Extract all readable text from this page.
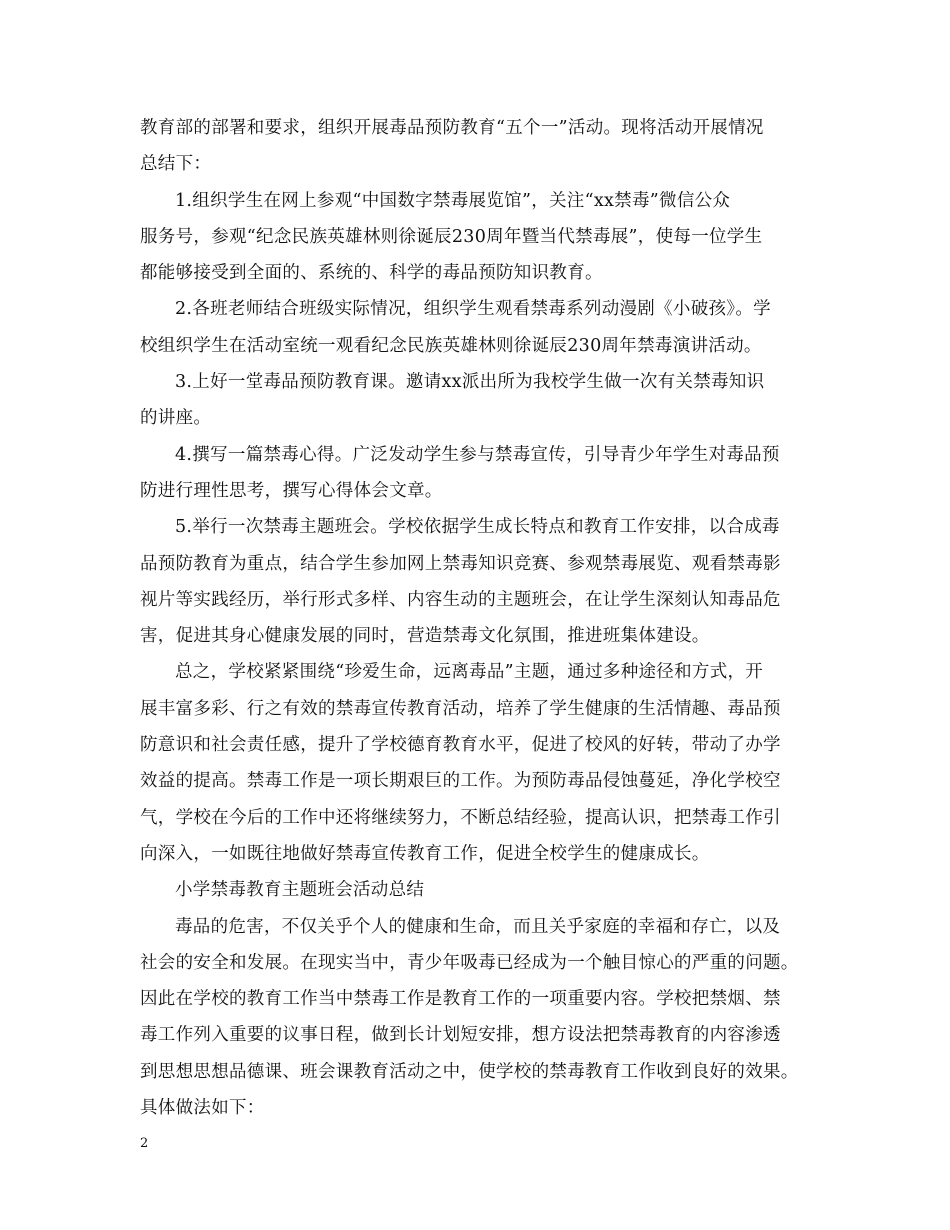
教育部的部署和要求，组织开展毒品预防教育“五个一”活动。现将活动开展情况
总结下：
1.组织学生在网上参观“中国数字禁毒展览馆”，关注“xx禁毒”微信公众
服务号，参观“纪念民族英雄林则徐诞辰230周年暨当代禁毒展”，使每一位学生
都能够接受到全面的、系统的、科学的毒品预防知识教育。
2.各班老师结合班级实际情况，组织学生观看禁毒系列动漫剧《小破孩》。学
校组织学生在活动室统一观看纪念民族英雄林则徐诞辰230周年禁毒演讲活动。
3.上好一堂毒品预防教育课。邀请xx派出所为我校学生做一次有关禁毒知识
的讲座。
4.撰写一篇禁毒心得。广泛发动学生参与禁毒宣传，引导青少年学生对毒品预
防进行理性思考，撰写心得体会文章。
5.举行一次禁毒主题班会。学校依据学生成长特点和教育工作安排，以合成毒
品预防教育为重点，结合学生参加网上禁毒知识竞赛、参观禁毒展览、观看禁毒影
视片等实践经历，举行形式多样、内容生动的主题班会，在让学生深刻认知毒品危
害，促进其身心健康发展的同时，营造禁毒文化氛围，推进班集体建设。
总之，学校紧紧围绕“珍爱生命，远离毒品”主题，通过多种途径和方式，开
展丰富多彩、行之有效的禁毒宣传教育活动，培养了学生健康的生活情趣、毒品预
防意识和社会责任感，提升了学校德育教育水平，促进了校风的好转，带动了办学
效益的提高。禁毒工作是一项长期艰巨的工作。为预防毒品侵蚀蔓延，净化学校空
气，学校在今后的工作中还将继续努力，不断总结经验，提高认识，把禁毒工作引
向深入，一如既往地做好禁毒宣传教育工作，促进全校学生的健康成长。
小学禁毒教育主题班会活动总结
毒品的危害，不仅关乎个人的健康和生命，而且关乎家庭的幸福和存亡，以及
社会的安全和发展。在现实当中，青少年吸毒已经成为一个触目惊心的严重的问题。
因此在学校的教育工作当中禁毒工作是教育工作的一项重要内容。学校把禁烟、禁
毒工作列入重要的议事日程，做到长计划短安排，想方设法把禁毒教育的内容渗透
到思想思想品德课、班会课教育活动之中，使学校的禁毒教育工作收到良好的效果。
具体做法如下：
2
